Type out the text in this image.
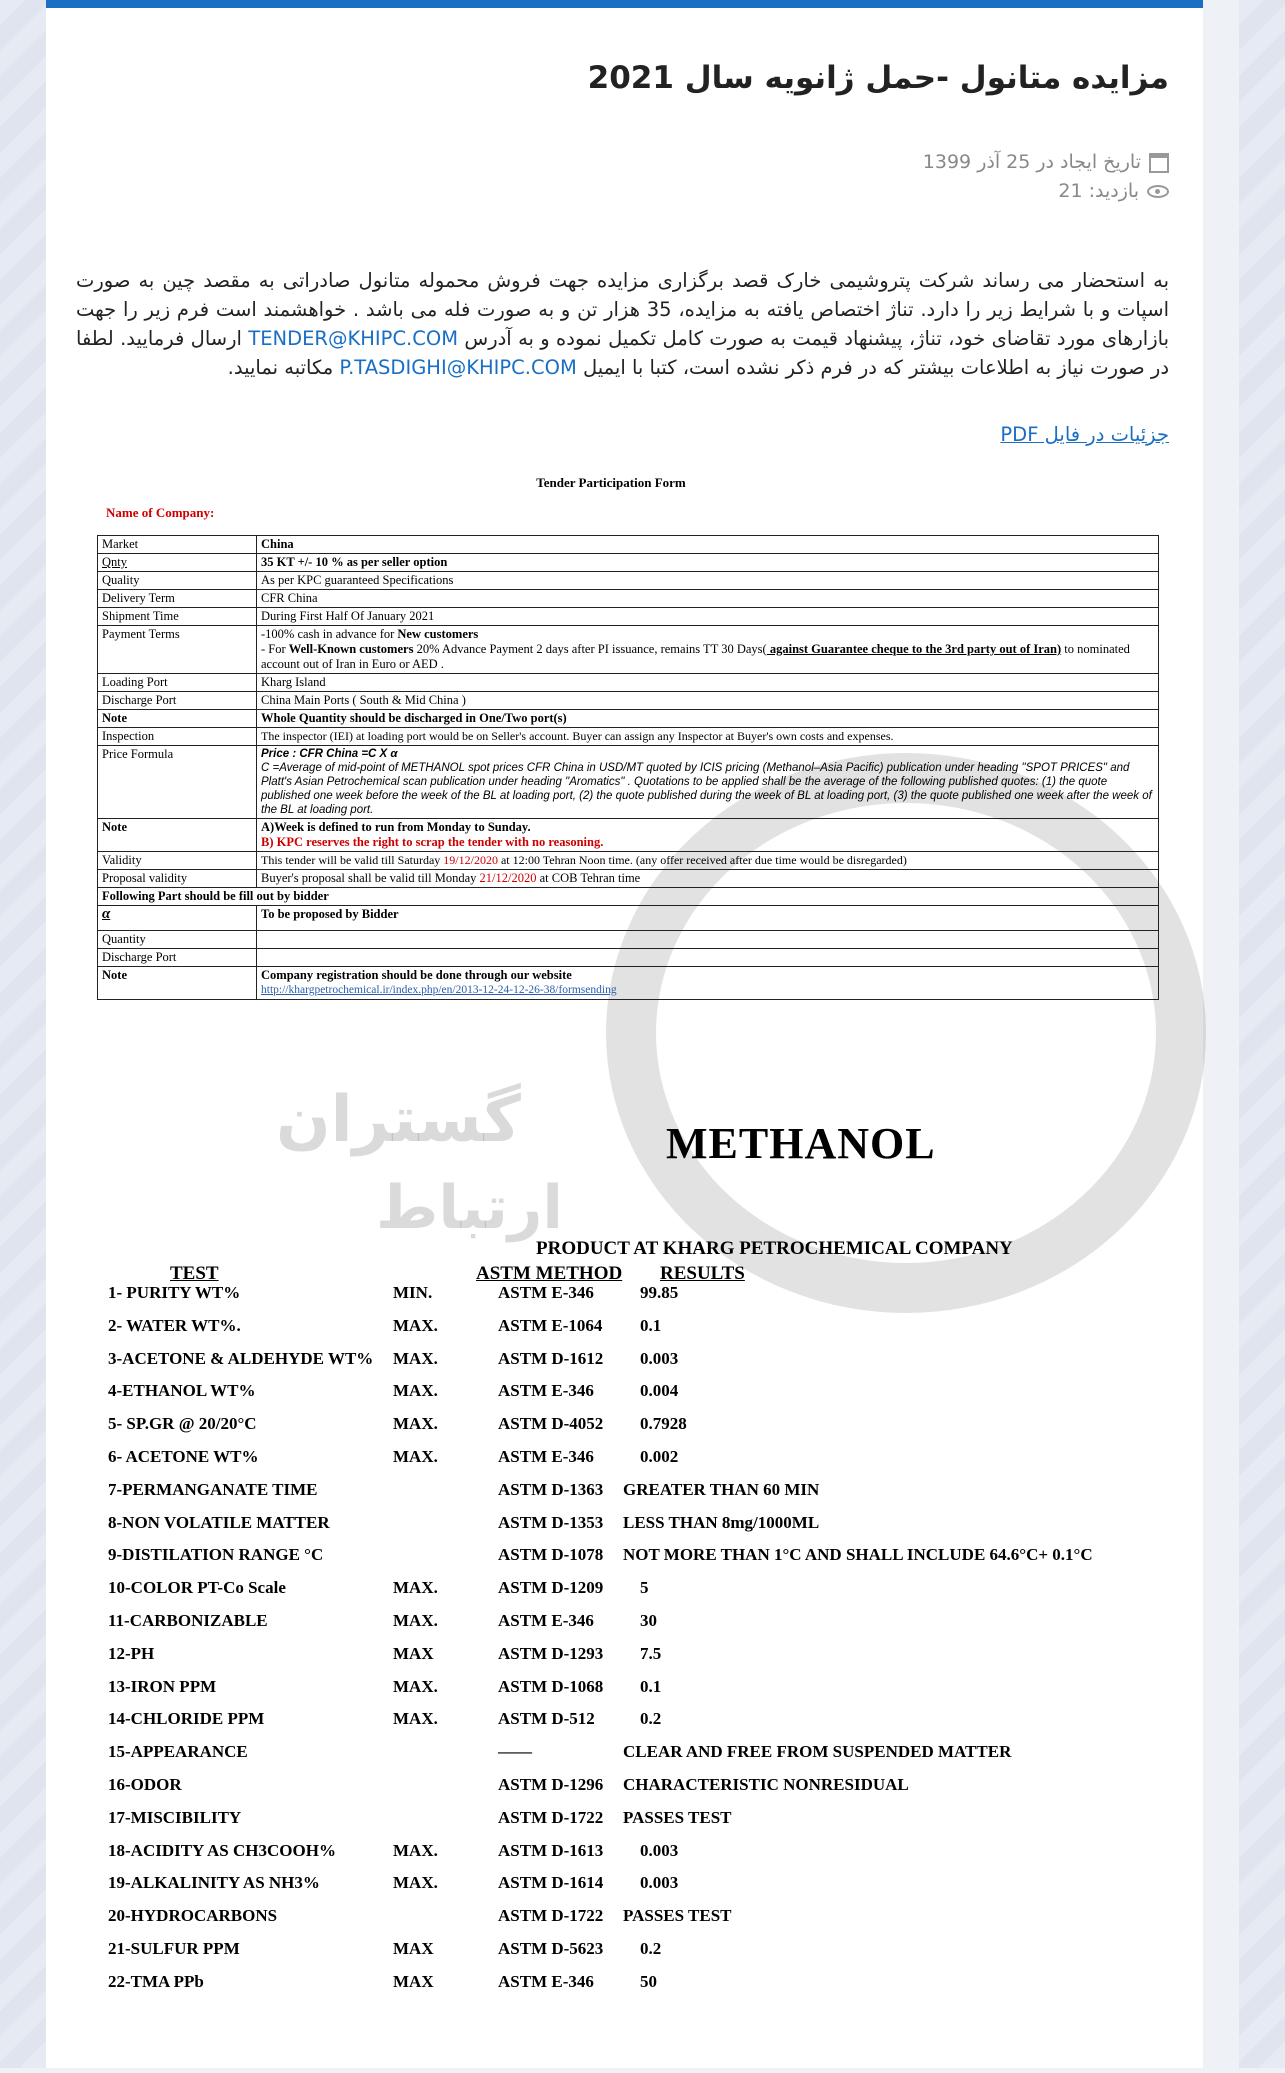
مزایده متانول -حمل ژانویه سال 2021
تاریخ ایجاد در 25 آذر 1399
بازدید: 21
به استحضار می رساند شرکت پتروشیمی خارک قصد برگزاری مزایده جهت فروش محموله متانول صادراتی به مقصد چین به صورت اسپات و با شرایط زیر را دارد. تناژ اختصاص یافته به مزایده، 35 هزار تن و به صورت فله می باشد . خواهشمند است فرم زیر را جهت بازارهای مورد تقاضای خود، تناژ، پیشنهاد قیمت به صورت کامل تکمیل نموده و به آدرس TENDER@KHIPC.COM ارسال فرمایید. لطفا در صورت نیاز به اطلاعات بیشتر که در فرم ذکر نشده است، کتبا با ایمیل P.TASDIGHI@KHIPC.COM مکاتبه نمایید.
جزئیات در فایل PDF
گستران
ارتباط
Tender Participation Form
Name of Company:
Market	China
Qnty	35 KT +/- 10 % as per seller option
Quality	As per KPC guaranteed Specifications
Delivery Term	CFR China
Shipment Time	During First Half Of January 2021
Payment Terms	-100% cash in advance for New customers
- For Well-Known customers 20% Advance Payment 2 days after PI issuance, remains TT 30 Days( against Guarantee cheque to the 3rd party out of Iran) to nominated account out of Iran in Euro or AED .

Loading Port	Kharg Island
Discharge Port	China Main Ports ( South & Mid China )
Note	Whole Quantity should be discharged in One/Two port(s)
Inspection	The inspector (IEI) at loading port would be on Seller's account. Buyer can assign any Inspector at Buyer's own costs and expenses.
Price Formula	Price : CFR China =C X α
C =Average of mid-point of METHANOL spot prices CFR China in USD/MT quoted by ICIS pricing (Methanol–Asia Pacific) publication under heading "SPOT PRICES" and Platt's Asian Petrochemical scan publication under heading "Aromatics" . Quotations to be applied shall be the average of the following published quotes: (1) the quote published one week before the week of the BL at loading port, (2) the quote published during the week of BL at loading port, (3) the quote published one week after the week of the BL at loading port.

Note	A)Week is defined to run from Monday to Sunday.
B) KPC reserves the right to scrap the tender with no reasoning.

Validity	This tender will be valid till Saturday 19/12/2020 at 12:00 Tehran Noon time. (any offer received after due time would be disregarded)
Proposal validity	Buyer's proposal shall be valid till Monday 21/12/2020 at COB Tehran time
Following Part should be fill out by bidder	
α	To be proposed by Bidder
Quantity	
Discharge Port	
Note	Company registration should be done through our website
http://khargpetrochemical.ir/index.php/en/2013-12-24-12-26-38/formsending
METHANOL
PRODUCT AT KHARG PETROCHEMICAL COMPANY
TEST	ASTM METHOD RESULTS
1- PURITY WT%	MIN.	ASTM E-346	99.85
2- WATER WT%.	MAX.	ASTM E-1064 0.1
3-ACETONE & ALDEHYDE WT% MAX.	ASTM D-1612 0.003
4-ETHANOL WT%	MAX.	ASTM E-346	0.004
5- SP.GR @ 20/20°C	MAX.	ASTM D-4052 0.7928
6- ACETONE WT%	MAX.	ASTM E-346	0.002
7-PERMANGANATE TIME	ASTM D-1363 GREATER THAN 60 MIN
8-NON VOLATILE MATTER	ASTM D-1353 LESS THAN 8mg/1000ML
9-DISTILATION RANGE °C	ASTM D-1078 NOT MORE THAN 1°C AND SHALL INCLUDE 64.6°C+ 0.1°C
10-COLOR PT-Co Scale	MAX.	ASTM D-1209 5
11-CARBONIZABLE	MAX.	ASTM E-346	30
12-PH	MAX	ASTM D-1293 7.5
13-IRON PPM	MAX.	ASTM D-1068 0.1
14-CHLORIDE PPM	MAX.	ASTM D-512	0.2
15-APPEARANCE	——	CLEAR AND FREE FROM SUSPENDED MATTER
16-ODOR	ASTM D-1296 CHARACTERISTIC NONRESIDUAL
17-MISCIBILITY	ASTM D-1722 PASSES TEST
18-ACIDITY AS CH3COOH%	MAX.	ASTM D-1613 0.003
19-ALKALINITY AS NH3%	MAX.	ASTM D-1614 0.003
20-HYDROCARBONS	ASTM D-1722 PASSES TEST
21-SULFUR PPM	MAX	ASTM D-5623 0.2
22-TMA PPb	MAX	ASTM E-346	50
